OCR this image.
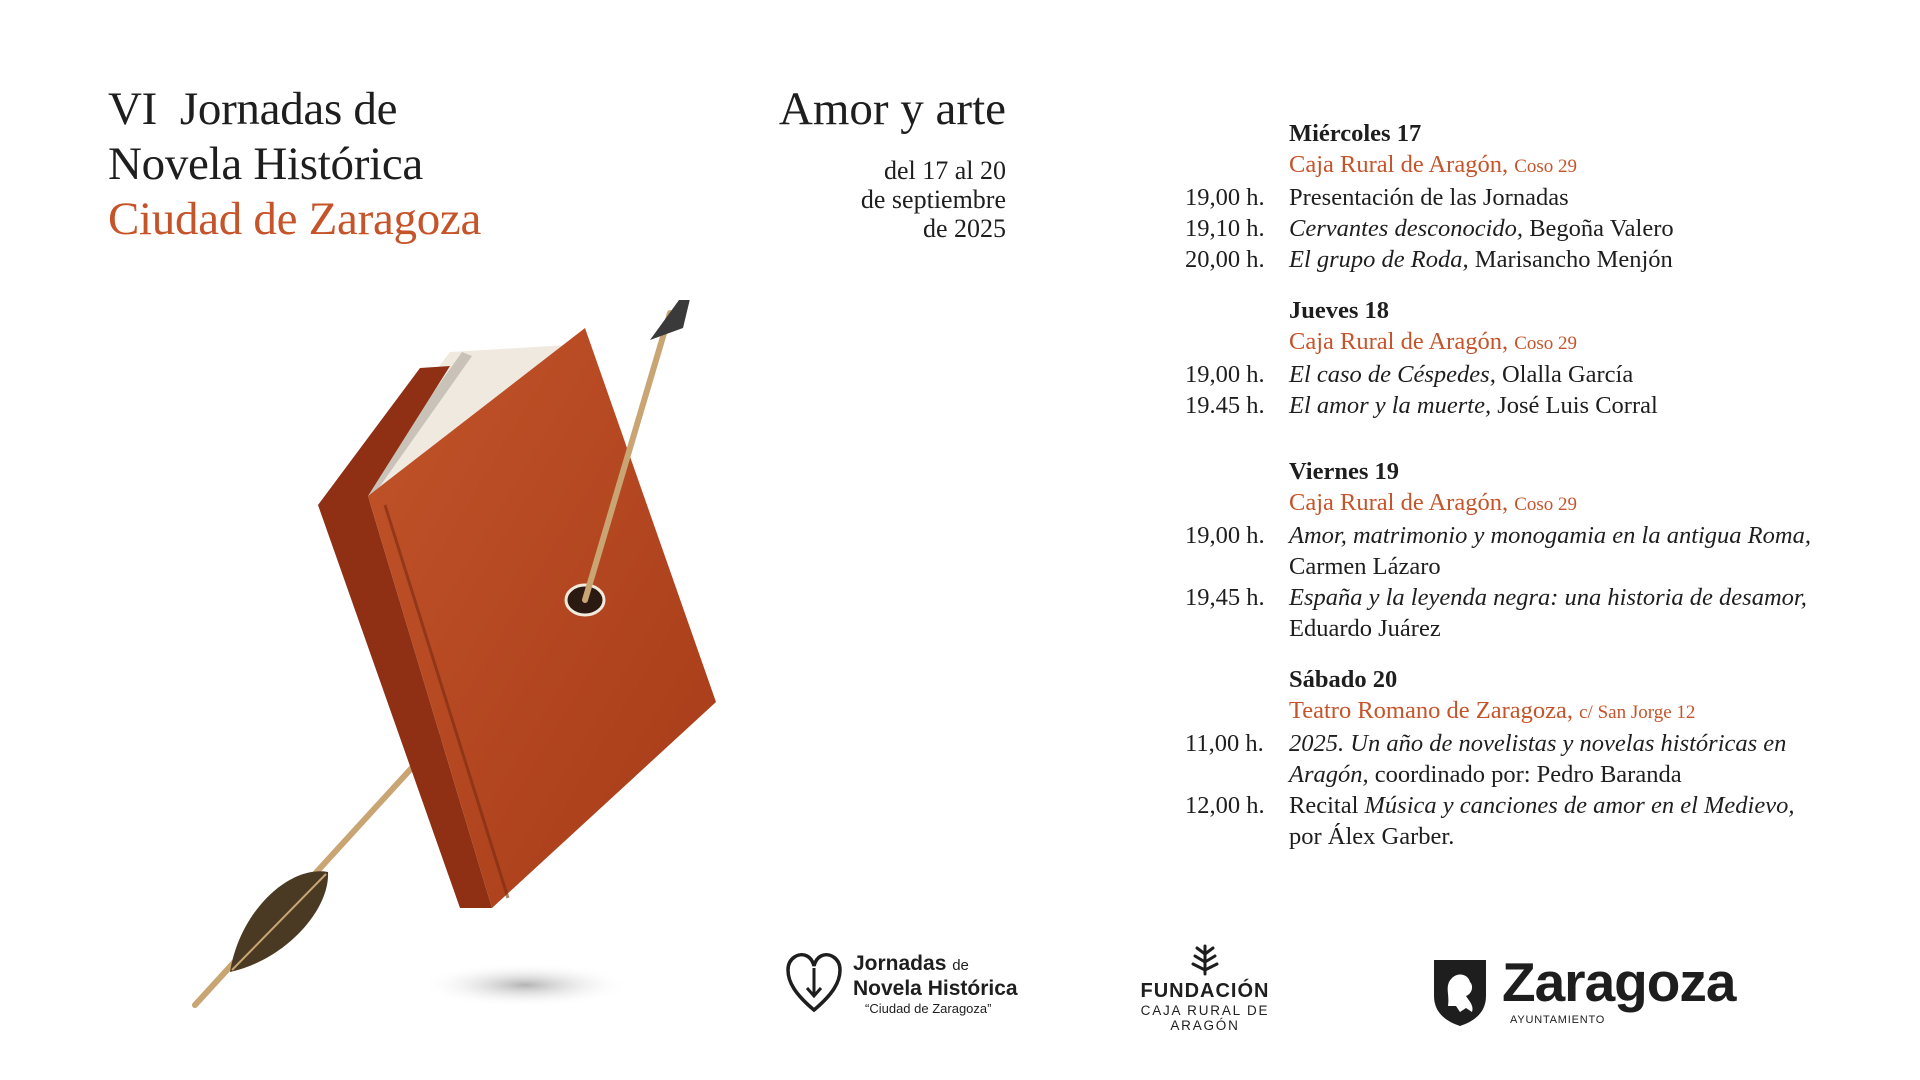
VI  Jornadas de
Novela Histórica
Ciudad de Zaragoza
Amor y arte
del 17 al 20
de septiembre
de 2025
Miércoles 17
Caja Rural de Aragón, Coso 29
19,00 h. Presentación de las Jornadas
19,10 h. Cervantes desconocido, Begoña Valero
20,00 h. El grupo de Roda, Marisancho Menjón
Jueves 18
Caja Rural de Aragón, Coso 29
19,00 h. El caso de Céspedes, Olalla García
19.45 h. El amor y la muerte, José Luis Corral
Viernes 19
Caja Rural de Aragón, Coso 29
19,00 h. Amor, matrimonio y monogamia en la antigua Roma,
Carmen Lázaro
19,45 h. España y la leyenda negra: una historia de desamor,
Eduardo Juárez
Sábado 20
Teatro Romano de Zaragoza, c/ San Jorge 12
11,00 h.	2025. Un año de novelistas y novelas históricas en Aragón, coordinado por: Pedro Baranda
12,00 h. Recital Música y canciones de amor en el Medievo,
por Álex Garber.
Jornadas de
Novela Histórica
“Ciudad de Zaragoza”
FUNDACIÓN
CAJA RURAL DE ARAGÓN
Zaragoza
AYUNTAMIENTO
